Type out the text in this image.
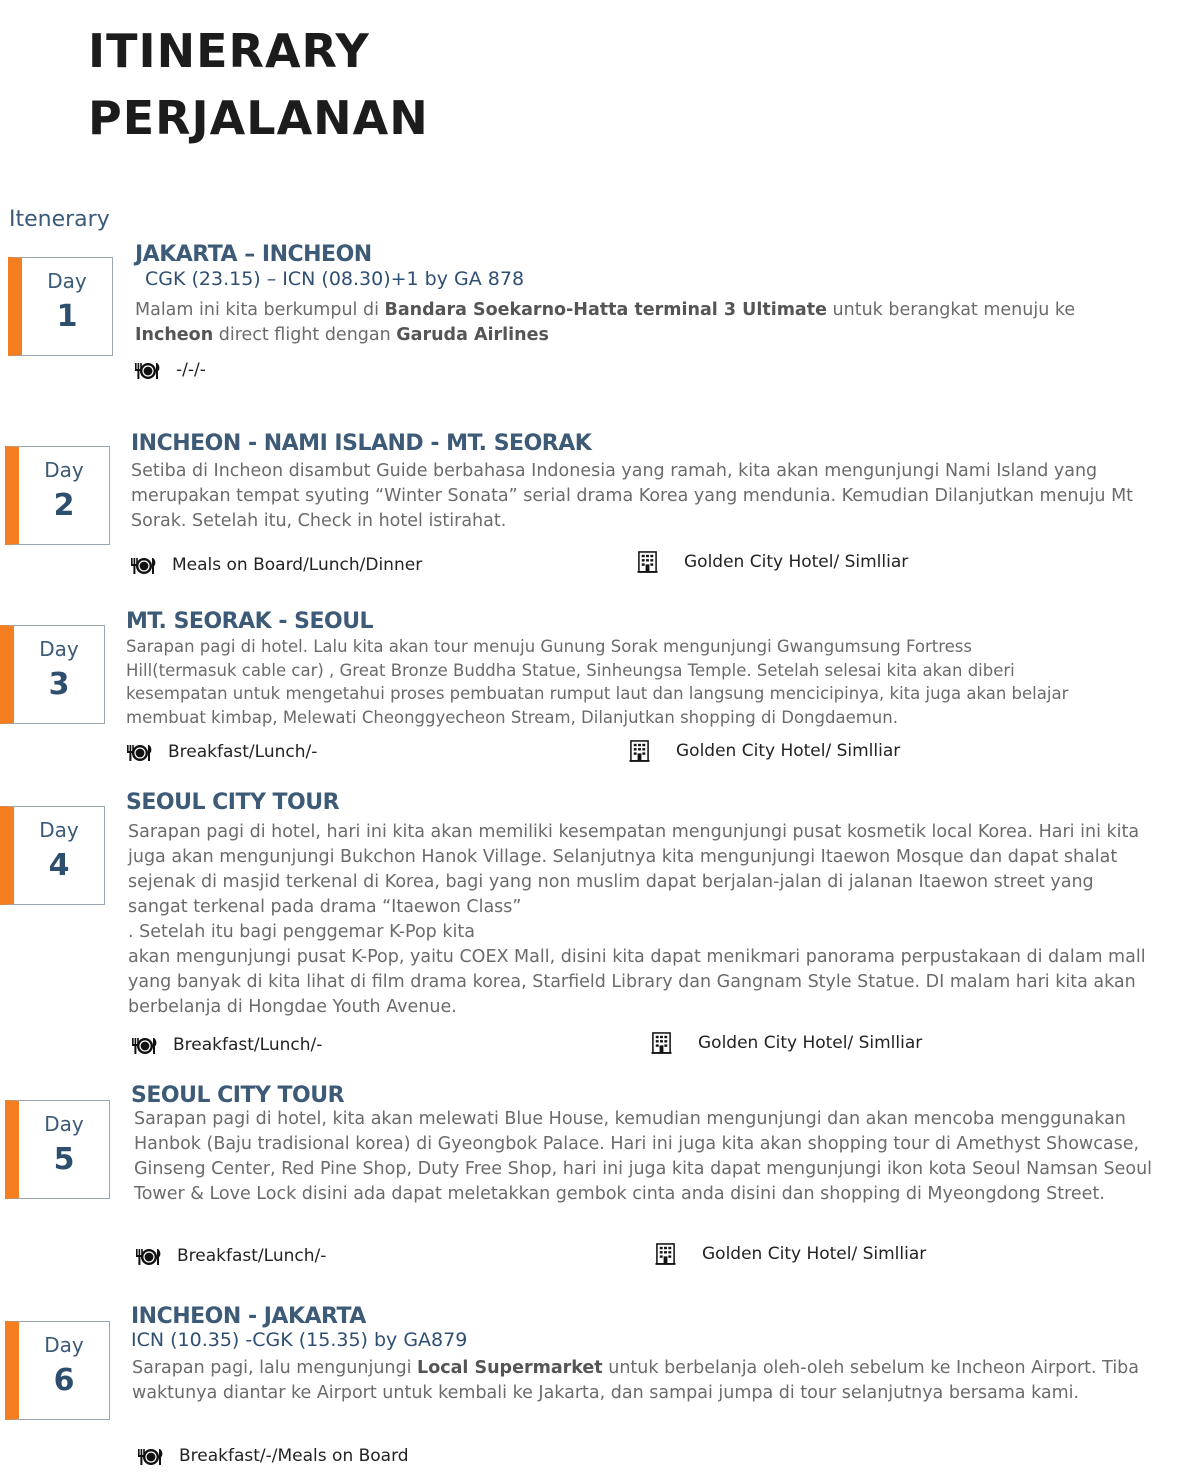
ITINERARY
PERJALANAN
Itenerary
Day
1
JAKARTA – INCHEON
CGK (23.15) – ICN (08.30)+1 by GA 878

Malam ini kita berkumpul di Bandara Soekarno-Hatta terminal 3 Ultimate untuk berangkat menuju ke Incheon direct flight dengan Garuda Airlines

-/-/-
Day
2
INCHEON - NAMI ISLAND - MT. SEORAK

Setiba di Incheon disambut Guide berbahasa Indonesia yang ramah, kita akan mengunjungi Nami Island yang merupakan tempat syuting “Winter Sonata” serial drama Korea yang mendunia. Kemudian Dilanjutkan menuju Mt Sorak. Setelah itu, Check in hotel istirahat.

Meals on Board/Lunch/Dinner	Golden City Hotel/ Simlliar
Day
3
MT. SEORAK - SEOUL

Sarapan pagi di hotel. Lalu kita akan tour menuju Gunung Sorak mengunjungi Gwangumsung Fortress Hill(termasuk cable car) , Great Bronze Buddha Statue, Sinheungsa Temple. Setelah selesai kita akan diberi kesempatan untuk mengetahui proses pembuatan rumput laut dan langsung mencicipinya, kita juga akan belajar membuat kimbap, Melewati Cheonggyecheon Stream, Dilanjutkan shopping di Dongdaemun.

Breakfast/Lunch/-	Golden City Hotel/ Simlliar
Day
4
SEOUL CITY TOUR
Sarapan pagi di hotel, hari ini kita akan memiliki kesempatan mengunjungi pusat kosmetik local Korea. Hari ini kita juga akan mengunjungi Bukchon Hanok Village. Selanjutnya kita mengunjungi Itaewon Mosque dan dapat shalat sejenak di masjid terkenal di Korea, bagi yang non muslim dapat berjalan-jalan di jalanan Itaewon street yang sangat terkenal pada drama “Itaewon Class”
. Setelah itu bagi penggemar K-Pop kita
akan mengunjungi pusat K-Pop, yaitu COEX Mall, disini kita dapat menikmari panorama perpustakaan di dalam mall yang banyak di kita lihat di film drama korea, Starfield Library dan Gangnam Style Statue. DI malam hari kita akan berbelanja di Hongdae Youth Avenue.
Breakfast/Lunch/-	Golden City Hotel/ Simlliar
Day
5
SEOUL CITY TOUR

Sarapan pagi di hotel, kita akan melewati Blue House, kemudian mengunjungi dan akan mencoba menggunakan Hanbok (Baju tradisional korea) di Gyeongbok Palace. Hari ini juga kita akan shopping tour di Amethyst Showcase, Ginseng Center, Red Pine Shop, Duty Free Shop, hari ini juga kita dapat mengunjungi ikon kota Seoul Namsan Seoul Tower & Love Lock disini ada dapat meletakkan gembok cinta anda disini dan shopping di Myeongdong Street.

Breakfast/Lunch/-	Golden City Hotel/ Simlliar
Day
6
INCHEON - JAKARTA
ICN (10.35) -CGK (15.35) by GA879

Sarapan pagi, lalu mengunjungi Local Supermarket untuk berbelanja oleh-oleh sebelum ke Incheon Airport. Tiba waktunya diantar ke Airport untuk kembali ke Jakarta, dan sampai jumpa di tour selanjutnya bersama kami.

Breakfast/-/Meals on Board
